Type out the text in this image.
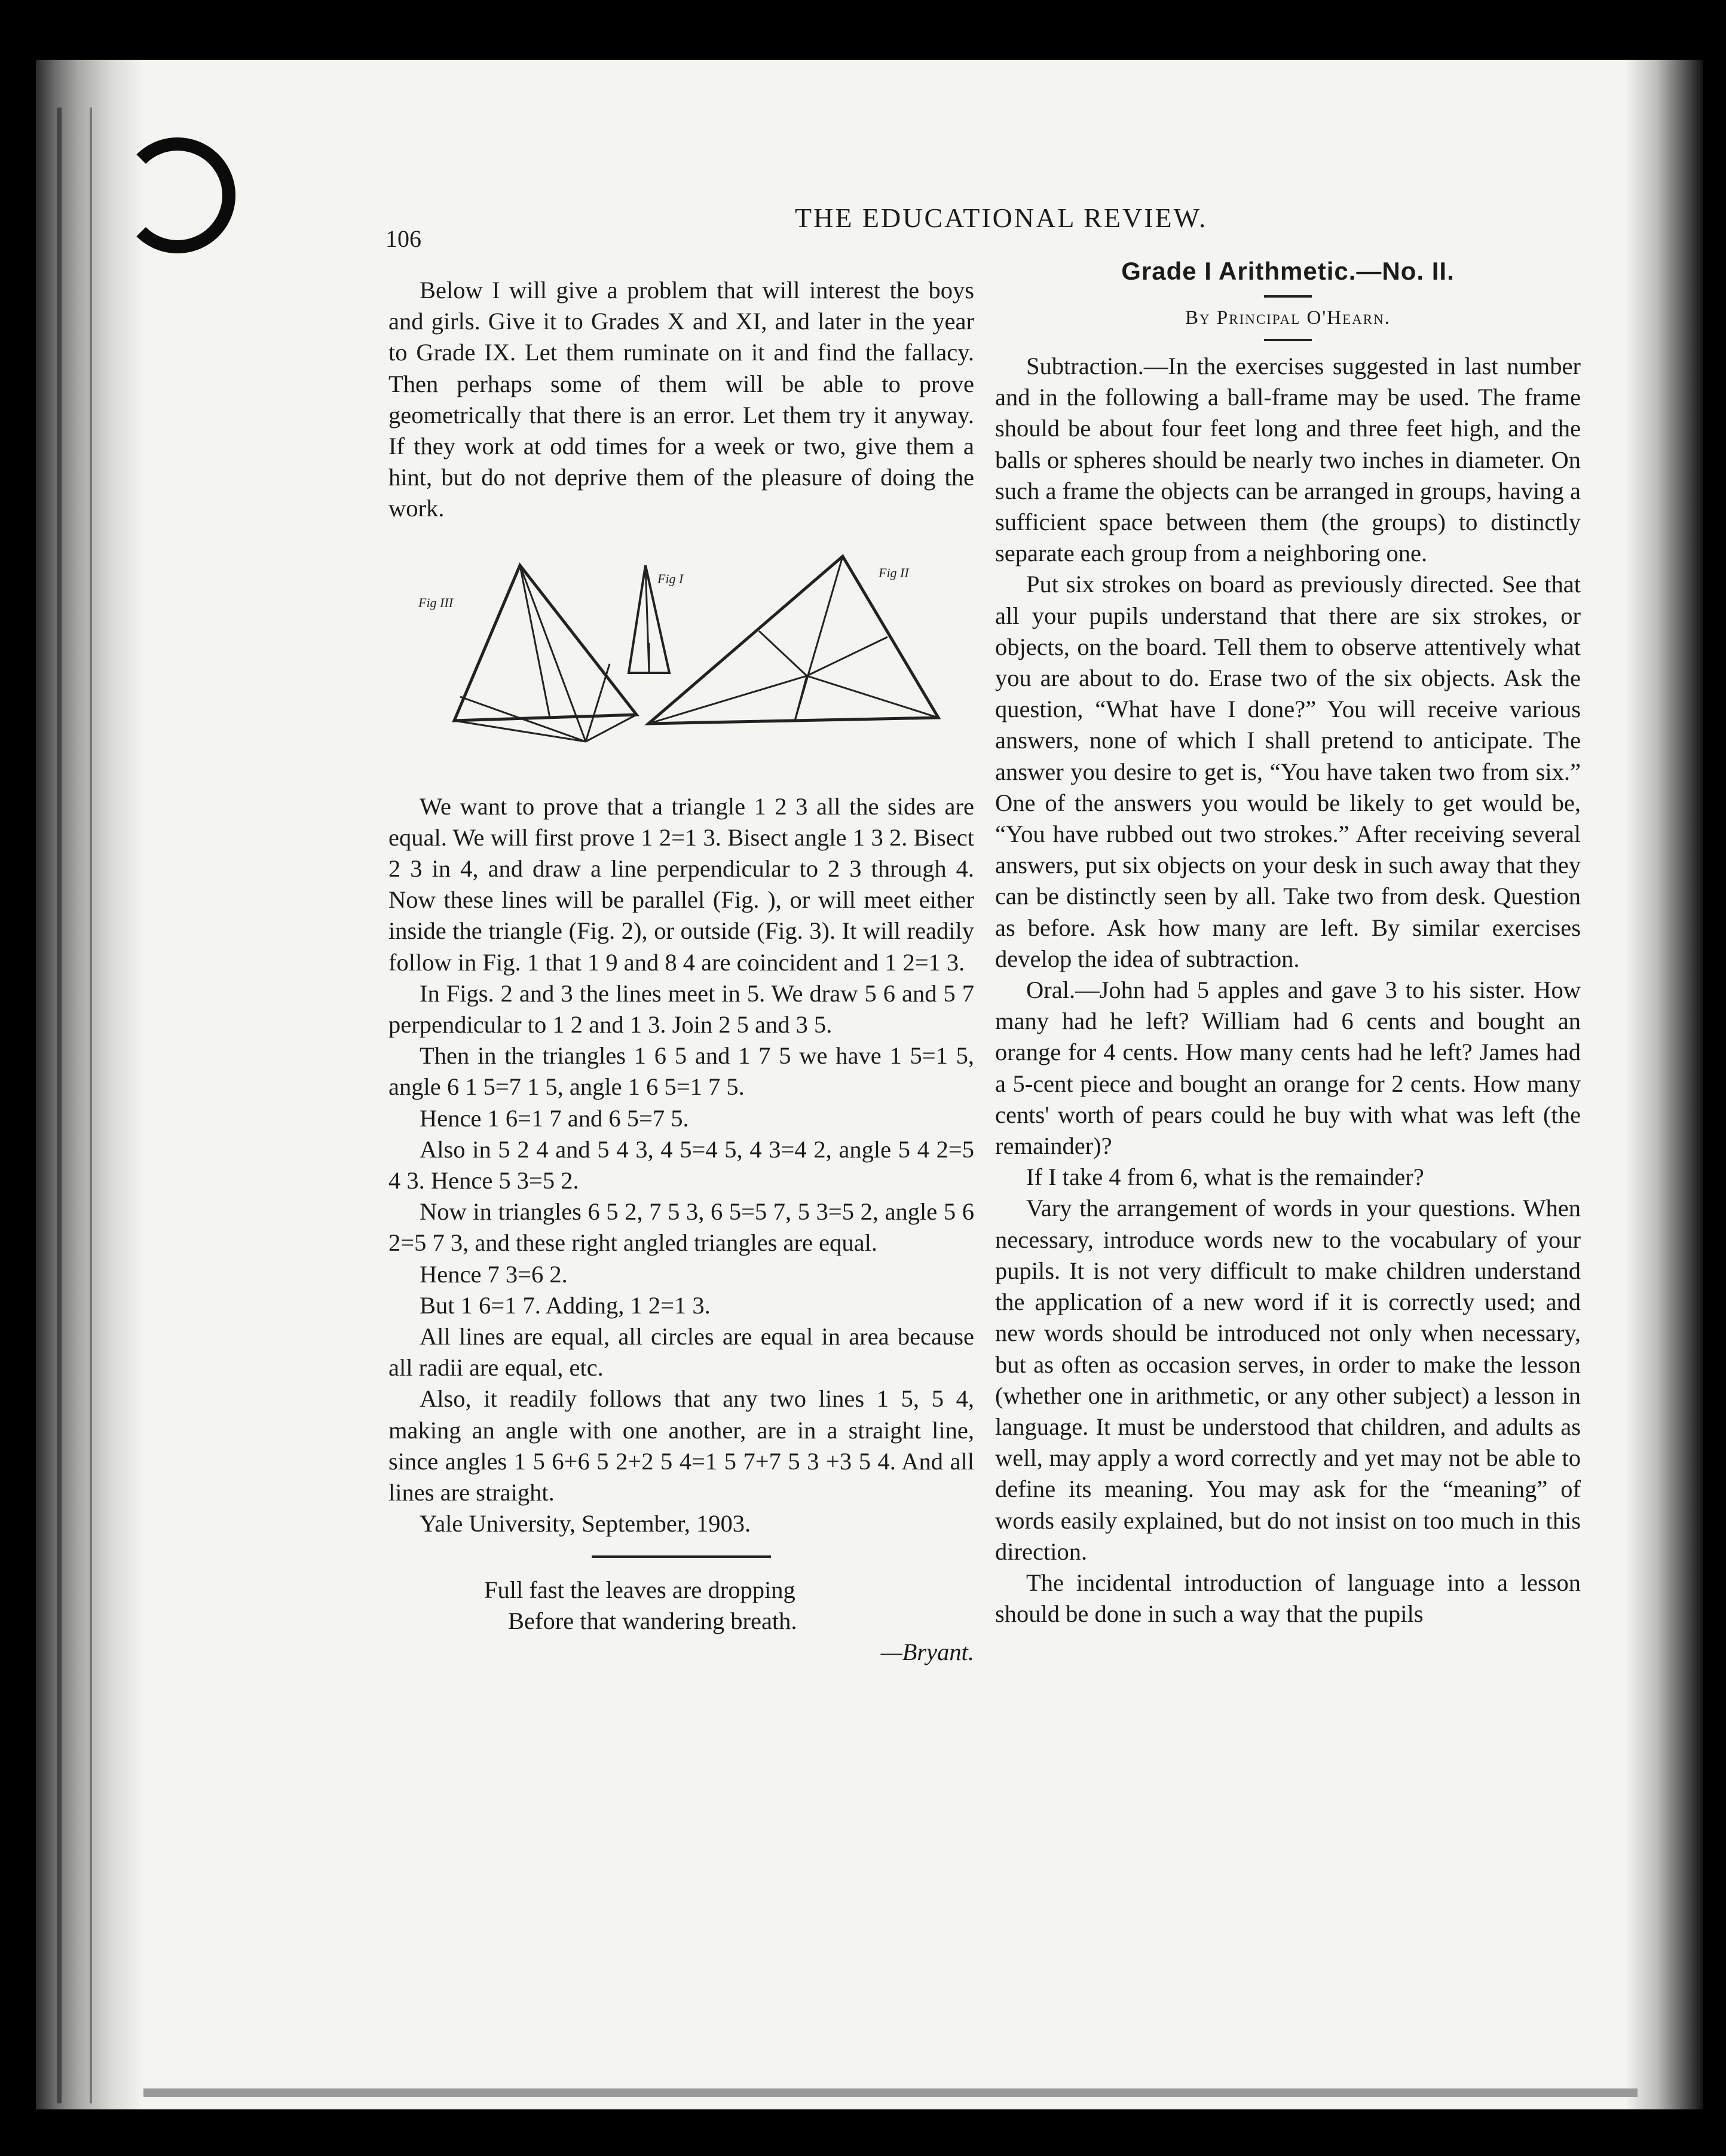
106
THE EDUCATIONAL REVIEW.

Below I will give a problem that will interest the boys and girls. Give it to Grades X and XI, and later in the year to Grade IX. Let them ruminate on it and find the fallacy. Then perhaps some of them will be able to prove geometrically that there is an error. Let them try it anyway. If they work at odd times for a week or two, give them a hint, but do not deprive them of the pleasure of doing the work.

Fig III
Fig I	Fig II

We want to prove that a triangle 1 2 3 all the sides are equal. We will first prove 1 2=1 3. Bisect angle 1 3 2. Bisect 2 3 in 4, and draw a line perpendicular to 2 3 through 4. Now these lines will be parallel (Fig. ), or will meet either inside the triangle (Fig. 2), or outside (Fig. 3). It will readily follow in Fig. 1 that 1 9 and 8 4 are coincident and 1 2=1 3.

In Figs. 2 and 3 the lines meet in 5. We draw 5 6 and 5 7 perpendicular to 1 2 and 1 3. Join 2 5 and 3 5.

Then in the triangles 1 6 5 and 1 7 5 we have 1 5=1 5, angle 6 1 5=7 1 5, angle 1 6 5=1 7 5.

Hence 1 6=1 7 and 6 5=7 5.

Also in 5 2 4 and 5 4 3, 4 5=4 5, 4 3=4 2, angle 5 4 2=5 4 3. Hence 5 3=5 2.

Now in triangles 6 5 2, 7 5 3, 6 5=5 7, 5 3=5 2, angle 5 6 2=5 7 3, and these right angled triangles are equal.

Hence 7 3=6 2.

But 1 6=1 7. Adding, 1 2=1 3.

All lines are equal, all circles are equal in area because all radii are equal, etc.

Also, it readily follows that any two lines 1 5, 5 4, making an angle with one another, are in a straight line, since angles 1 5 6+6 5 2+2 5 4=1 5 7+7 5 3 +3 5 4. And all lines are straight.

Yale University, September, 1903.

Full fast the leaves are dropping

Before that wandering breath.

—Bryant.

Grade I Arithmetic.—No. II.
By Principal O'Hearn.

Subtraction.—In the exercises suggested in last number and in the following a ball-frame may be used. The frame should be about four feet long and three feet high, and the balls or spheres should be nearly two inches in diameter. On such a frame the objects can be arranged in groups, having a sufficient space between them (the groups) to distinctly separate each group from a neighboring one.

Put six strokes on board as previously directed. See that all your pupils understand that there are six strokes, or objects, on the board. Tell them to observe attentively what you are about to do. Erase two of the six objects. Ask the question, “What have I done?” You will receive various answers, none of which I shall pretend to anticipate. The answer you desire to get is, “You have taken two from six.” One of the answers you would be likely to get would be, “You have rubbed out two strokes.” After receiving several answers, put six objects on your desk in such away that they can be distinctly seen by all. Take two from desk. Question as before. Ask how many are left. By similar exercises develop the idea of subtraction.

Oral.—John had 5 apples and gave 3 to his sister. How many had he left? William had 6 cents and bought an orange for 4 cents. How many cents had he left? James had a 5-cent piece and bought an orange for 2 cents. How many cents' worth of pears could he buy with what was left (the remainder)?

If I take 4 from 6, what is the remainder?

Vary the arrangement of words in your questions. When necessary, introduce words new to the vocabulary of your pupils. It is not very difficult to make children understand the application of a new word if it is correctly used; and new words should be introduced not only when necessary, but as often as occasion serves, in order to make the lesson (whether one in arithmetic, or any other subject) a lesson in language. It must be understood that children, and adults as well, may apply a word correctly and yet may not be able to define its meaning. You may ask for the “meaning” of words easily explained, but do not insist on too much in this direction.

The incidental introduction of language into a lesson should be done in such a way that the pupils
